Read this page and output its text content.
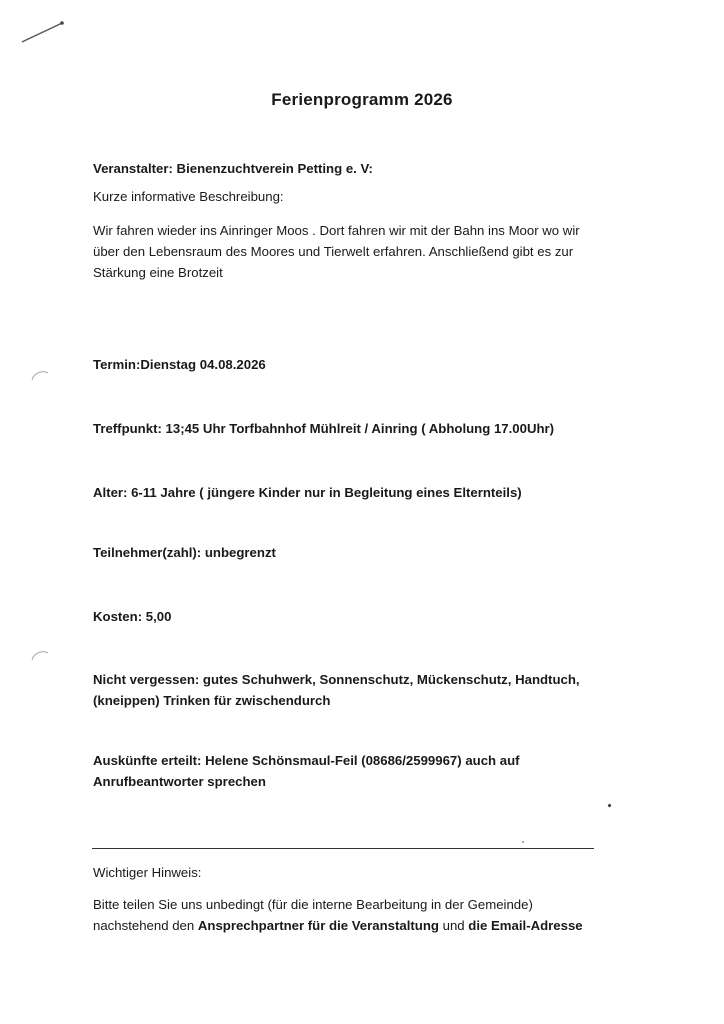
Ferienprogramm 2026
Veranstalter: Bienenzuchtverein Petting e. V:
Kurze informative Beschreibung:
Wir fahren wieder ins Ainringer Moos . Dort fahren wir mit der Bahn ins Moor wo wir
über den Lebensraum des Moores und Tierwelt erfahren. Anschließend gibt es zur
Stärkung eine Brotzeit
Termin:Dienstag 04.08.2026
Treffpunkt: 13;45 Uhr Torfbahnhof Mühlreit / Ainring ( Abholung 17.00Uhr)
Alter: 6-11 Jahre ( jüngere Kinder nur in Begleitung eines Elternteils)
Teilnehmer(zahl): unbegrenzt
Kosten: 5,00
Nicht vergessen: gutes Schuhwerk, Sonnenschutz, Mückenschutz, Handtuch,
(kneippen) Trinken für zwischendurch
Auskünfte erteilt: Helene Schönsmaul-Feil (08686/2599967) auch auf
Anrufbeantworter sprechen
Wichtiger Hinweis:
Bitte teilen Sie uns unbedingt (für die interne Bearbeitung in der Gemeinde)
nachstehend den Ansprechpartner für die Veranstaltung und die Email-Adresse
